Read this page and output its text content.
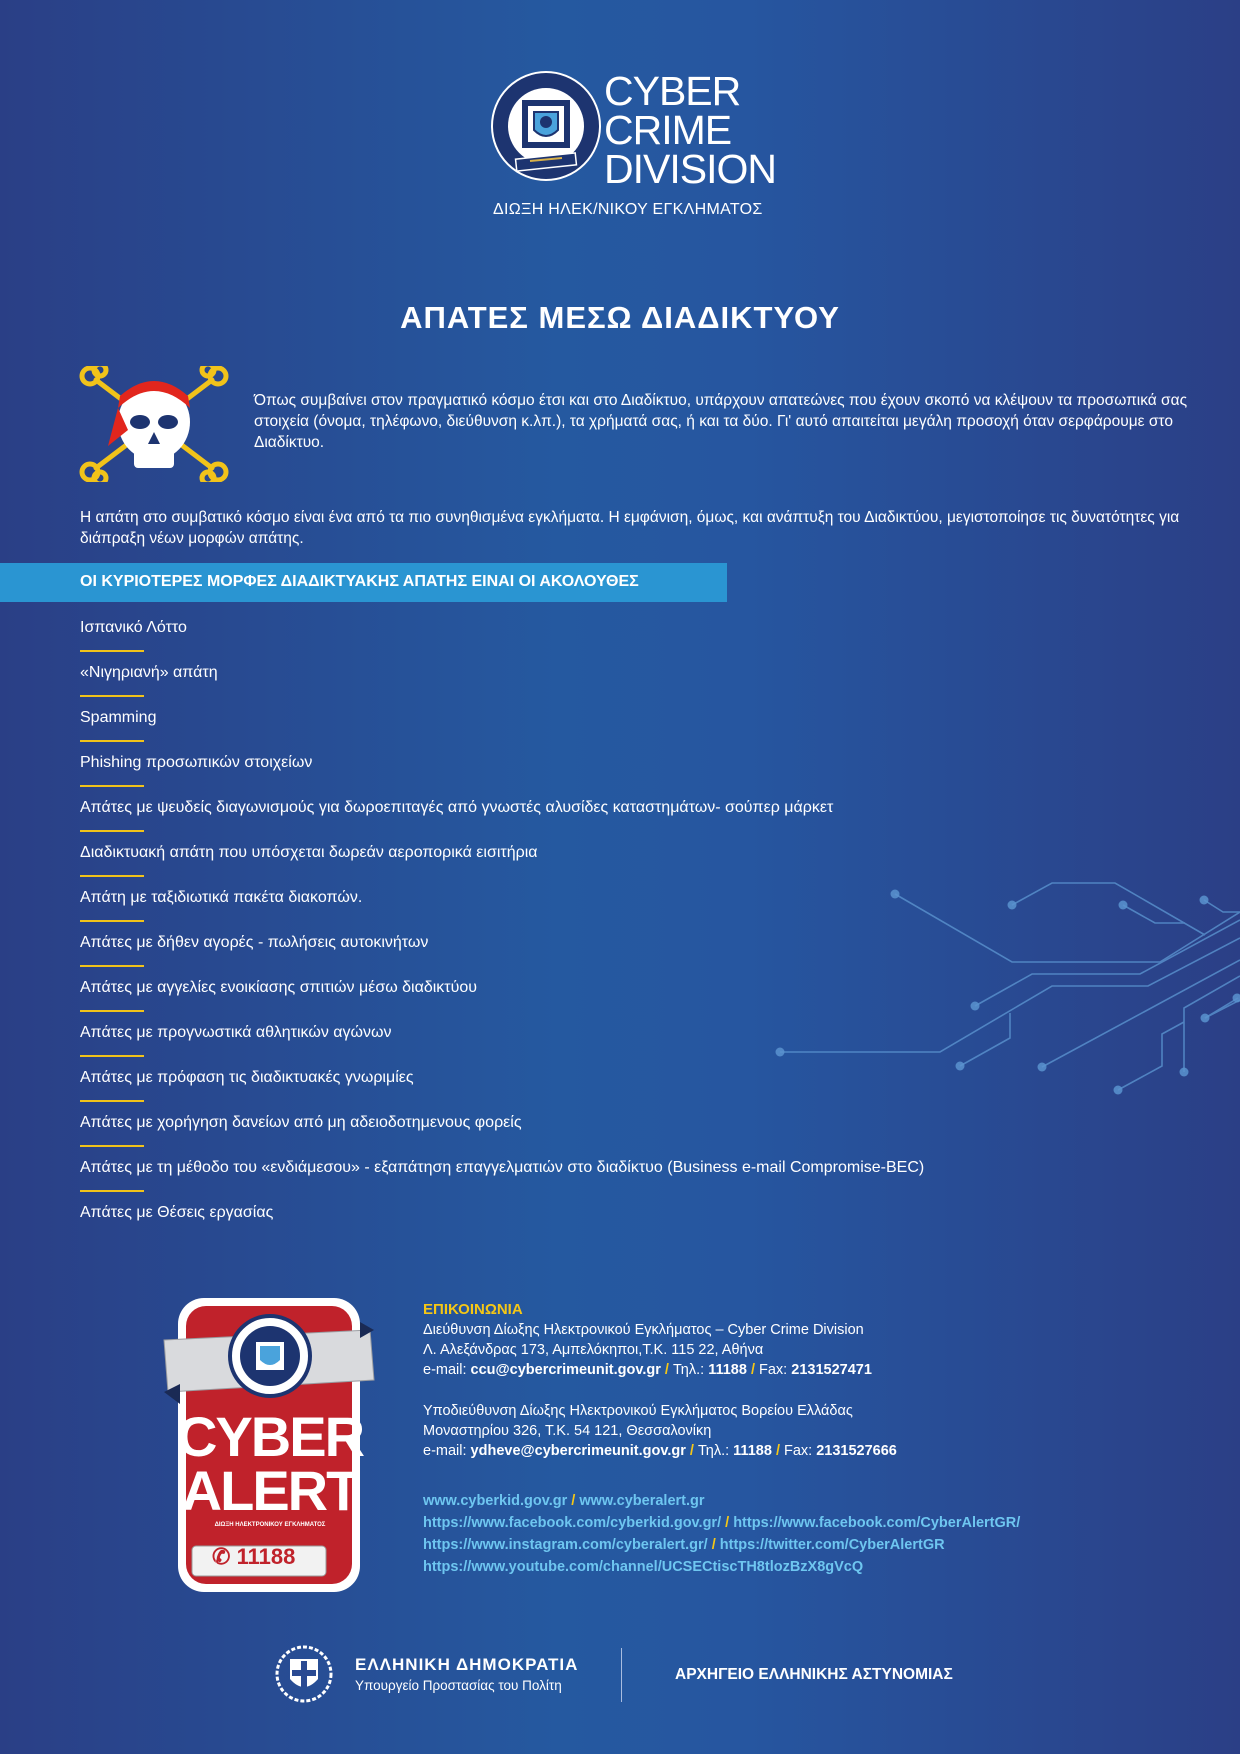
CYBER
CRIME
DIVISION
ΔΙΩΞΗ ΗΛΕΚ/ΝΙΚΟΥ ΕΓΚΛΗΜΑΤΟΣ
ΑΠΑΤΕΣ ΜΕΣΩ ΔΙΑΔΙΚΤΥΟΥ
Όπως συμβαίνει στον πραγματικό κόσμο έτσι και στο Διαδίκτυο, υπάρχουν απατεώνες που έχουν σκοπό να κλέψουν τα προσωπικά σας στοιχεία (όνομα, τηλέφωνο, διεύθυνση κ.λπ.), τα χρήματά σας, ή και τα δύο. Γι' αυτό απαιτείται μεγάλη προσοχή όταν σερφάρουμε στο Διαδίκτυο.
Η απάτη στο συμβατικό κόσμο είναι ένα από τα πιο συνηθισμένα εγκλήματα. Η εμφάνιση, όμως, και ανάπτυξη του Διαδικτύου, μεγιστοποίησε τις δυνατότητες για διάπραξη νέων μορφών απάτης.
ΟΙ ΚΥΡΙΟΤΕΡΕΣ ΜΟΡΦΕΣ ΔΙΑΔΙΚΤΥΑΚΗΣ ΑΠΑΤΗΣ ΕΙΝΑΙ ΟΙ ΑΚΟΛΟΥΘΕΣ
Ισπανικό Λόττο
«Νιγηριανή» απάτη
Spamming
Phishing προσωπικών στοιχείων
Απάτες με ψευδείς διαγωνισμούς για δωροεπιταγές από γνωστές αλυσίδες καταστημάτων- σούπερ μάρκετ
Διαδικτυακή απάτη που υπόσχεται δωρεάν αεροπορικά εισιτήρια
Απάτη με ταξιδιωτικά πακέτα διακοπών.
Απάτες με δήθεν αγορές - πωλήσεις αυτοκινήτων
Απάτες με αγγελίες ενοικίασης σπιτιών μέσω διαδικτύου
Απάτες με προγνωστικά αθλητικών αγώνων
Απάτες με πρόφαση τις διαδικτυακές γνωριμίες
Απάτες με χορήγηση δανείων από μη αδειοδοτημενους φορείς
Απάτες με τη μέθοδο του «ενδιάμεσου» - εξαπάτηση επαγγελματιών στο διαδίκτυο (Business e-mail Compromise-BEC)
Απάτες με Θέσεις εργασίας
CYBER
ALERT
ΔΙΩΞΗ ΗΛΕΚΤΡΟΝΙΚΟΥ ΕΓΚΛΗΜΑΤΟΣ
✆ 11188
ΕΠΙΚΟΙΝΩΝΙΑ
Διεύθυνση Δίωξης Ηλεκτρονικού Εγκλήματος – Cyber Crime Division
Λ. Αλεξάνδρας 173, Αμπελόκηποι,Τ.Κ. 115 22, Αθήνα
e-mail: ccu@cybercrimeunit.gov.gr / Τηλ.: 11188 / Fax: 2131527471
Υποδιεύθυνση Δίωξης Ηλεκτρονικού Εγκλήματος Βορείου Ελλάδας
Μοναστηρίου 326, Τ.Κ. 54 121, Θεσσαλονίκη
e-mail: ydheve@cybercrimeunit.gov.gr / Τηλ.: 11188 / Fax: 2131527666
www.cyberkid.gov.gr / www.cyberalert.gr
https://www.facebook.com/cyberkid.gov.gr/ / https://www.facebook.com/CyberAlertGR/
https://www.instagram.com/cyberalert.gr/ / https://twitter.com/CyberAlertGR
https://www.youtube.com/channel/UCSECtiscTH8tlozBzX8gVcQ
ΕΛΛΗΝΙΚΗ ΔΗΜΟΚΡΑΤΙΑ
Υπουργείο Προστασίας του Πολίτη
ΑΡΧΗΓΕΙΟ ΕΛΛΗΝΙΚΗΣ ΑΣΤΥΝΟΜΙΑΣ
